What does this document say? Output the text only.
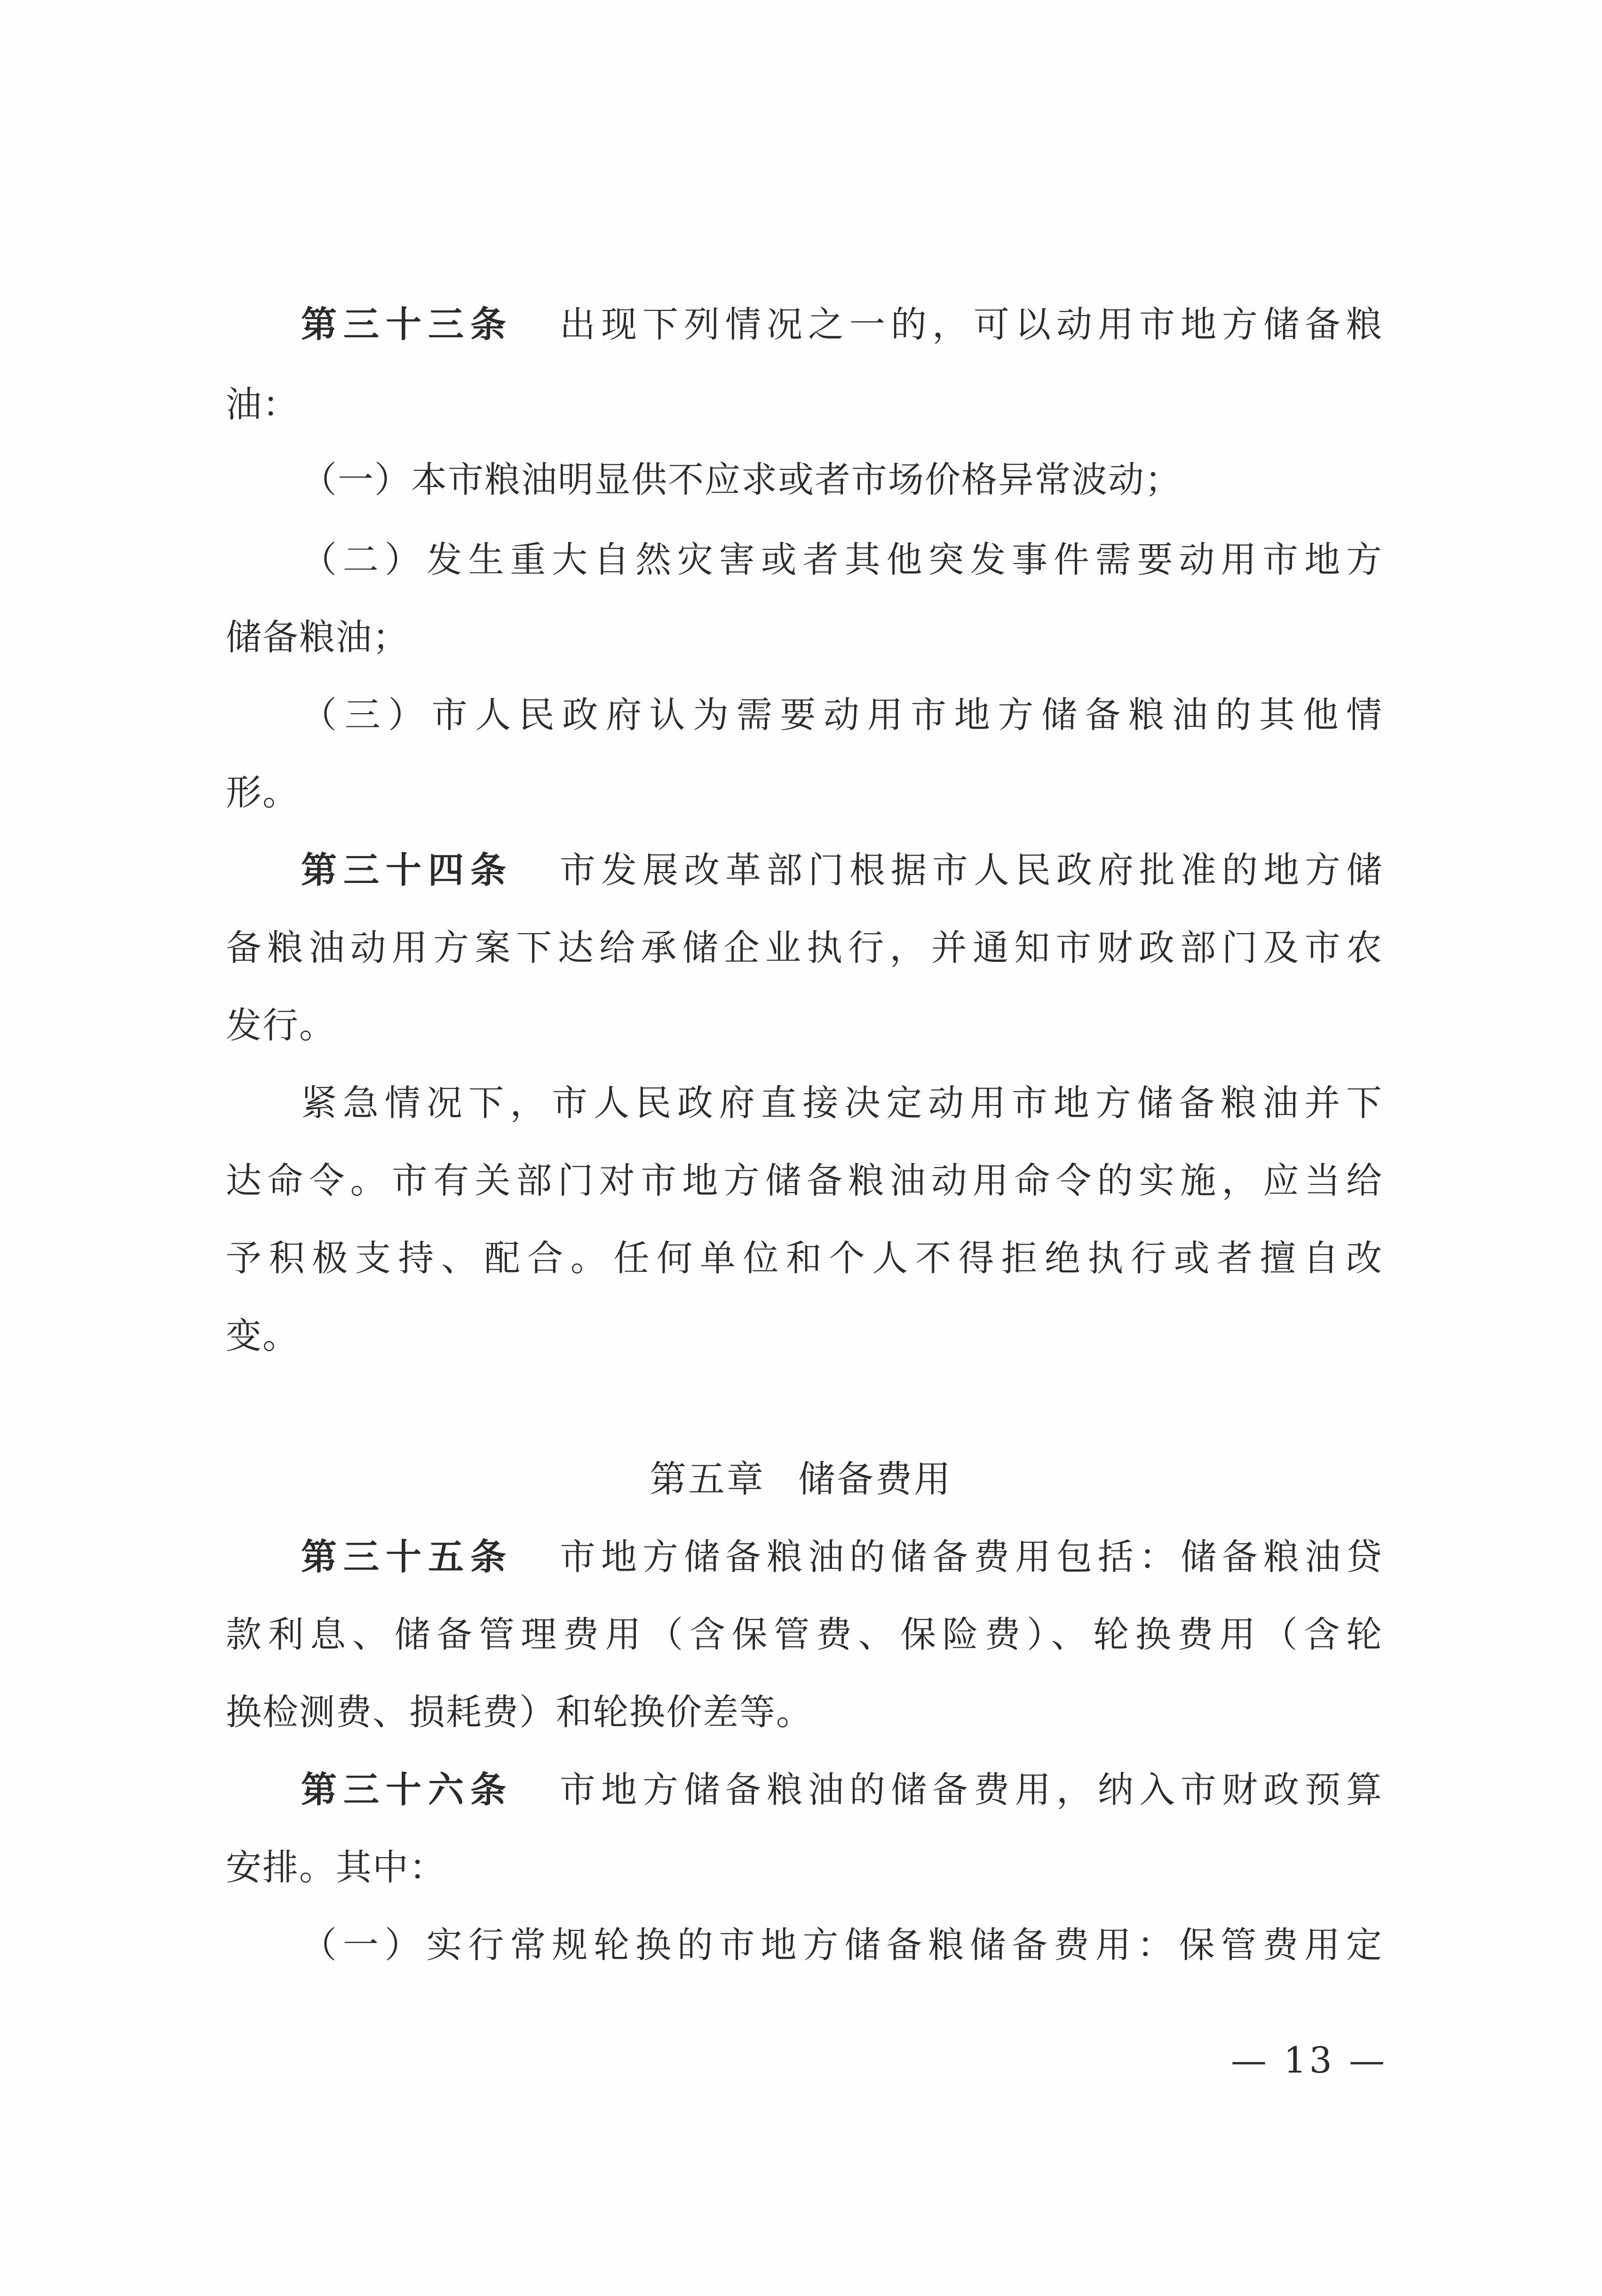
第三十三条 出现下列情况之一的，可以动用市地方储备粮
油：
（一）本市粮油明显供不应求或者市场价格异常波动；
（二）发生重大自然灾害或者其他突发事件需要动用市地方
储备粮油；
（三）市人民政府认为需要动用市地方储备粮油的其他情
形。
第三十四条 市发展改革部门根据市人民政府批准的地方储
备粮油动用方案下达给承储企业执行，并通知市财政部门及市农
发行。
紧急情况下，市人民政府直接决定动用市地方储备粮油并下
达命令。市有关部门对市地方储备粮油动用命令的实施，应当给
予积极支持、配合。任何单位和个人不得拒绝执行或者擅自改
变。
第五章 储备费用
第三十五条 市地方储备粮油的储备费用包括：储备粮油贷
款利息、储备管理费用（含保管费、保险费）、轮换费用（含轮
换检测费、损耗费）和轮换价差等。
第三十六条 市地方储备粮油的储备费用，纳入市财政预算
安排。其中：
（一）实行常规轮换的市地方储备粮储备费用：保管费用定
— 13 —
